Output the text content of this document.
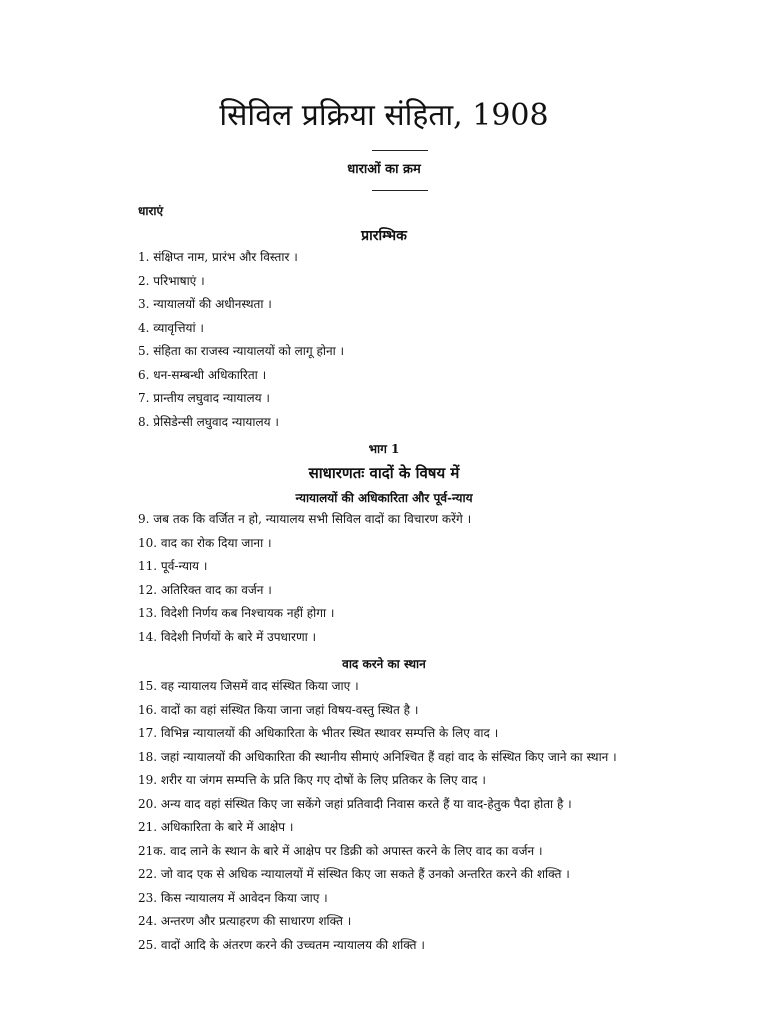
सिविल प्रक्रिया संहिता, 1908
धाराओं का क्रम
धाराएं
प्रारम्भिक
1. संक्षिप्त नाम, प्रारंभ और विस्तार ।
2. परिभाषाएं ।
3. न्यायालयों की अधीनस्थता ।
4. व्यावृत्तियां ।
5. संहिता का राजस्व न्यायालयों को लागू होना ।
6. धन-सम्बन्धी अधिकारिता ।
7. प्रान्तीय लघुवाद न्यायालय ।
8. प्रेसिडेन्सी लघुवाद न्यायालय ।
भाग 1
साधारणतः वादों के विषय में
न्यायालयों की अधिकारिता और पूर्व-न्याय
9. जब तक कि वर्जित न हो, न्यायालय सभी सिविल वादों का विचारण करेंगे ।
10. वाद का रोक दिया जाना ।
11. पूर्व-न्याय ।
12. अतिरिक्त वाद का वर्जन ।
13. विदेशी निर्णय कब निश्चायक नहीं होगा ।
14. विदेशी निर्णयों के बारे में उपधारणा ।
वाद करने का स्थान
15. वह न्यायालय जिसमें वाद संस्थित किया जाए ।
16. वादों का वहां संस्थित किया जाना जहां विषय-वस्तु स्थित है ।
17. विभिन्न न्यायालयों की अधिकारिता के भीतर स्थित स्थावर सम्पत्ति के लिए वाद ।
18. जहां न्यायालयों की अधिकारिता की स्थानीय सीमाएं अनिश्चित हैं वहां वाद के संस्थित किए जाने का स्थान ।
19. शरीर या जंगम सम्पत्ति के प्रति किए गए दोषों के लिए प्रतिकर के लिए वाद ।
20. अन्य वाद वहां संस्थित किए जा सकेंगे जहां प्रतिवादी निवास करते हैं या वाद-हेतुक पैदा होता है ।
21. अधिकारिता के बारे में आक्षेप ।
21क. वाद लाने के स्थान के बारे में आक्षेप पर डिक्री को अपास्त करने के लिए वाद का वर्जन ।
22. जो वाद एक से अधिक न्यायालयों में संस्थित किए जा सकते हैं उनको अन्तरित करने की शक्ति ।
23. किस न्यायालय में आवेदन किया जाए ।
24. अन्तरण और प्रत्याहरण की साधारण शक्ति ।
25. वादों आदि के अंतरण करने की उच्चतम न्यायालय की शक्ति ।
